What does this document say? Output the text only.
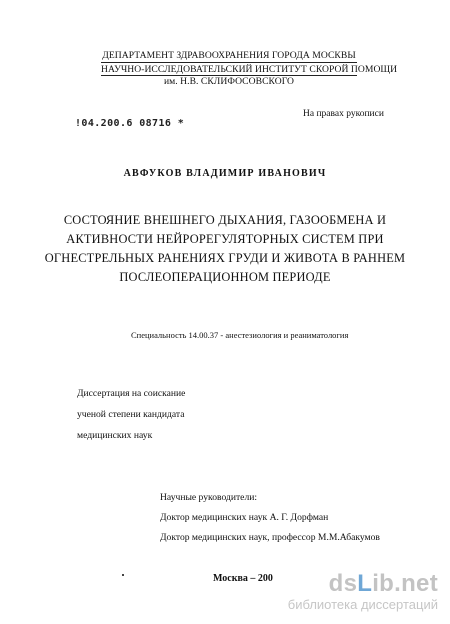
ДЕПАРТАМЕНТ ЗДРАВООХРАНЕНИЯ ГОРОДА МОСКВЫ
НАУЧНО-ИССЛЕДОВАТЕЛЬСКИЙ ИНСТИТУТ СКОРОЙ ПОМОЩИ
им. Н.В. СКЛИФОСОВСКОГО
!04.200.6 08716 *
На правах рукописи
АВФУКОВ ВЛАДИМИР ИВАНОВИЧ
СОСТОЯНИЕ ВНЕШНЕГО ДЫХАНИЯ, ГАЗООБМЕНА И
АКТИВНОСТИ НЕЙРОРЕГУЛЯТОРНЫХ СИСТЕМ ПРИ
ОГНЕСТРЕЛЬНЫХ РАНЕНИЯХ ГРУДИ И ЖИВОТА В РАННЕМ
ПОСЛЕОПЕРАЦИОННОМ ПЕРИОДЕ
Специальность 14.00.37 - анестезиология и реаниматология
Диссертация на соискание
ученой степени кандидата
медицинских наук
Научные руководители:
Доктор медицинских наук А. Г. Дорфман
Доктор медицинских наук, профессор М.М.Абакумов
Москва – 200	dsLib.net
библиотека диссертаций
